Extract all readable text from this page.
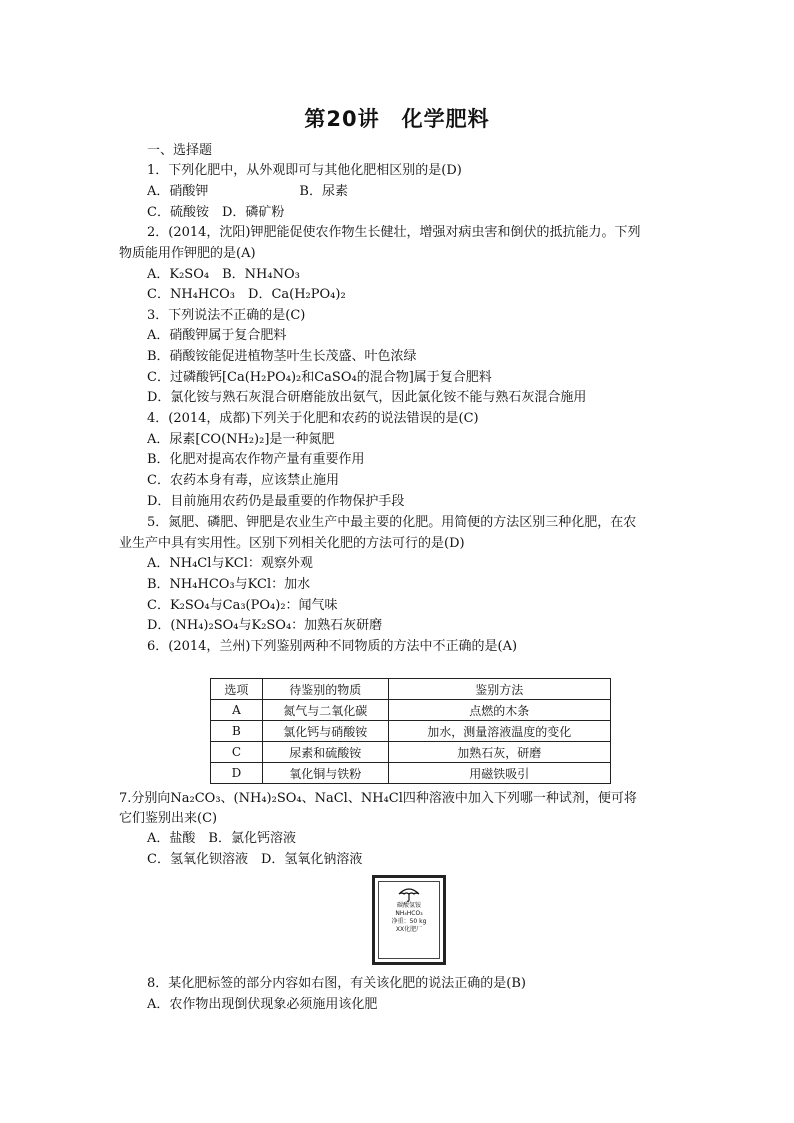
第20讲　化学肥料
一、选择题
1．下列化肥中，从外观即可与其他化肥相区别的是(D)
A．硝酸钾　　　　　　　B．尿素
C．硫酸铵　D．磷矿粉
2．(2014，沈阳)钾肥能促使农作物生长健壮，增强对病虫害和倒伏的抵抗能力。下列
物质能用作钾肥的是(A)
A．K₂SO₄　B．NH₄NO₃
C．NH₄HCO₃　D．Ca(H₂PO₄)₂
3．下列说法不正确的是(C)
A．硝酸钾属于复合肥料
B．硝酸铵能促进植物茎叶生长茂盛、叶色浓绿
C．过磷酸钙[Ca(H₂PO₄)₂和CaSO₄的混合物]属于复合肥料
D．氯化铵与熟石灰混合研磨能放出氨气，因此氯化铵不能与熟石灰混合施用
4．(2014，成都)下列关于化肥和农药的说法错误的是(C)
A．尿素[CO(NH₂)₂]是一种氮肥
B．化肥对提高农作物产量有重要作用
C．农药本身有毒，应该禁止施用
D．目前施用农药仍是最重要的作物保护手段
5．氮肥、磷肥、钾肥是农业生产中最主要的化肥。用简便的方法区别三种化肥，在农
业生产中具有实用性。区别下列相关化肥的方法可行的是(D)
A．NH₄Cl与KCl：观察外观
B．NH₄HCO₃与KCl：加水
C．K₂SO₄与Ca₃(PO₄)₂：闻气味
D．(NH₄)₂SO₄与K₂SO₄：加熟石灰研磨
6．(2014，兰州)下列鉴别两种不同物质的方法中不正确的是(A)
选项	待鉴别的物质	鉴别方法
A	氮气与二氧化碳	点燃的木条
B	氯化钙与硝酸铵	加水，测量溶液温度的变化
C	尿素和硫酸铵	加熟石灰，研磨
D	氧化铜与铁粉	用磁铁吸引
7.分别向Na₂CO₃、(NH₄)₂SO₄、NaCl、NH₄Cl四种溶液中加入下列哪一种试剂，便可将
它们鉴别出来(C)
A．盐酸　B．氯化钙溶液
C．氢氧化钡溶液　D．氢氧化钠溶液
碳酸氢铵
NH₄HCO₃
净重：50 kg
XX化肥厂
8．某化肥标签的部分内容如右图，有关该化肥的说法正确的是(B)
A．农作物出现倒伏现象必须施用该化肥
